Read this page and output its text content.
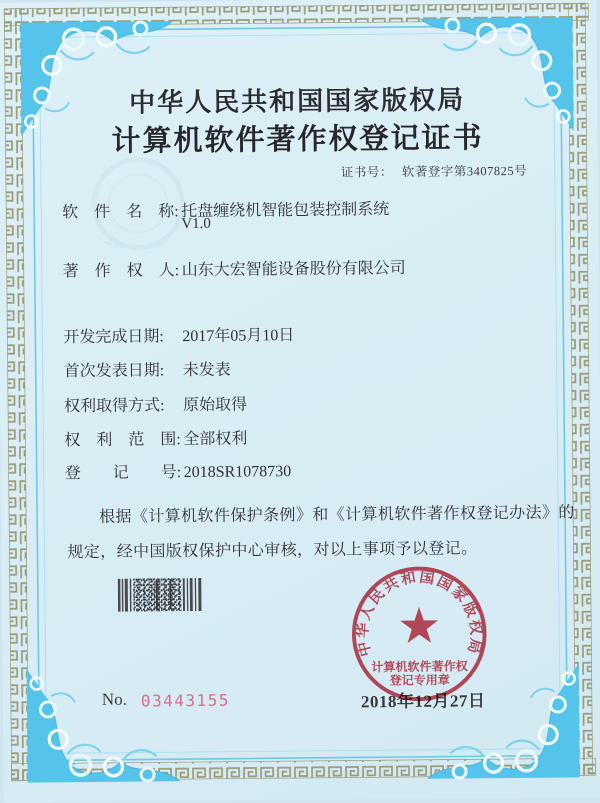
中华人民共和国国家版权局
计算机软件著作权登记证书
证书号： 软著登字第3407825号
软　件　名　称: 托盘缠绕机智能包装控制系统
V1.0
著　作　权　人: 山东大宏智能设备股份有限公司
开发完成日期: 2017年05月10日
首次发表日期: 未发表
权利取得方式: 原始取得
权　利　范　围: 全部权利
登　　记　　号: 2018SR1078730
根据《计算机软件保护条例》和《计算机软件著作权登记办法》的
规定，经中国版权保护中心审核，对以上事项予以登记。
No. 03443155	2018年12月27日
中华人民共和国国家版权局
计算机软件著作权
登记专用章
